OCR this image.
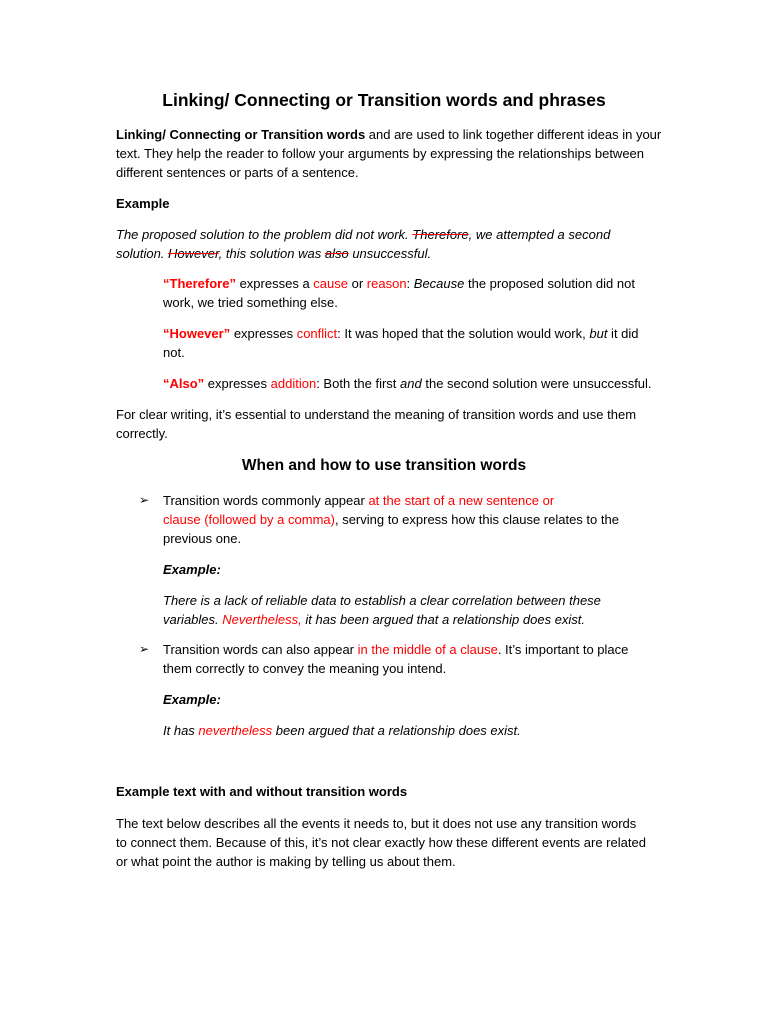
Linking/ Connecting or Transition words and phrases
Linking/ Connecting or Transition words and are used to link together different ideas in your
text. They help the reader to follow your arguments by expressing the relationships between
different sentences or parts of a sentence.
Example
The proposed solution to the problem did not work. Therefore, we attempted a second
solution. However, this solution was also unsuccessful.
“Therefore” expresses a cause or reason: Because the proposed solution did not
work, we tried something else.
“However” expresses conflict: It was hoped that the solution would work, but it did
not.
“Also” expresses addition: Both the first and the second solution were unsuccessful.
For clear writing, it’s essential to understand the meaning of transition words and use them
correctly.
When and how to use transition words
➢ Transition words commonly appear at the start of a new sentence or
clause (followed by a comma), serving to express how this clause relates to the
previous one.
Example:
There is a lack of reliable data to establish a clear correlation between these
variables. Nevertheless, it has been argued that a relationship does exist.
➢ Transition words can also appear in the middle of a clause. It’s important to place
them correctly to convey the meaning you intend.
Example:
It has nevertheless been argued that a relationship does exist.
Example text with and without transition words
The text below describes all the events it needs to, but it does not use any transition words
to connect them. Because of this, it’s not clear exactly how these different events are related
or what point the author is making by telling us about them.
